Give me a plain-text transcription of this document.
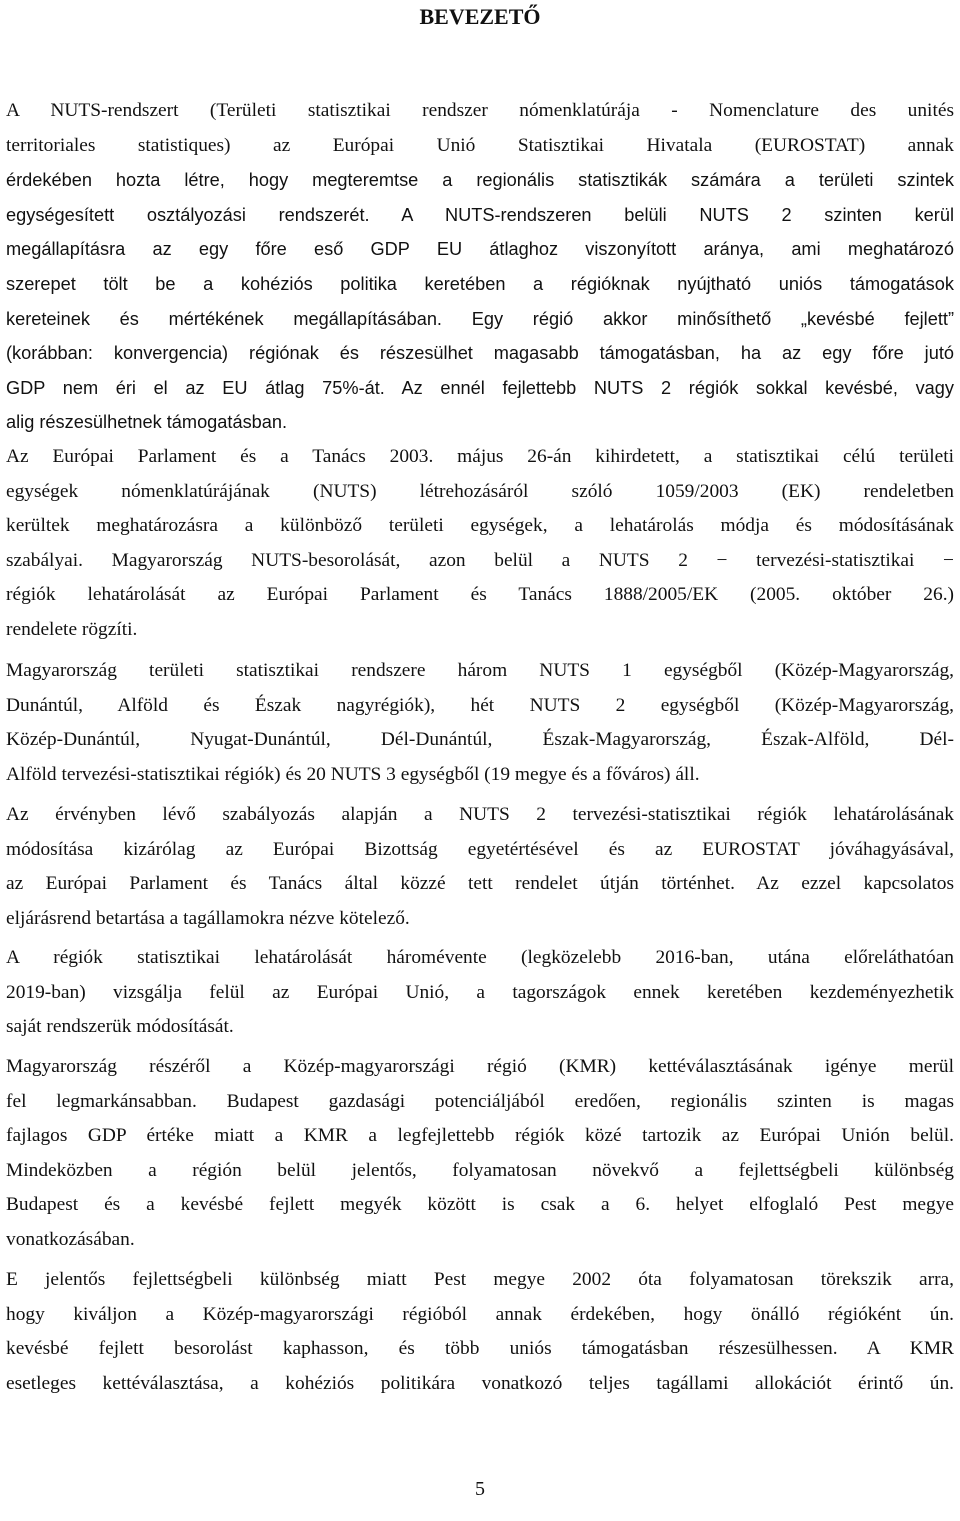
BEVEZETŐ

A NUTS-rendszert (Területi statisztikai rendszer nómenklatúrája - Nomenclature des unités
territoriales statistiques) az Európai Unió Statisztikai Hivatala (EUROSTAT) annak
érdekében hozta létre, hogy megteremtse a regionális statisztikák számára a területi szintek
egységesített osztályozási rendszerét. A NUTS-rendszeren belüli NUTS 2 szinten kerül
megállapításra az egy főre eső GDP EU átlaghoz viszonyított aránya, ami meghatározó
szerepet tölt be a kohéziós politika keretében a régióknak nyújtható uniós támogatások
kereteinek és mértékének megállapításában. Egy régió akkor minősíthető „kevésbé fejlett”
(korábban: konvergencia) régiónak és részesülhet magasabb támogatásban, ha az egy főre jutó
GDP nem éri el az EU átlag 75%-át. Az ennél fejlettebb NUTS 2 régiók sokkal kevésbé, vagy
alig részesülhetnek támogatásban.

Az Európai Parlament és a Tanács 2003. május 26-án kihirdetett, a statisztikai célú területi
egységek nómenklatúrájának (NUTS) létrehozásáról szóló 1059/2003 (EK) rendeletben
kerültek meghatározásra a különböző területi egységek, a lehatárolás módja és módosításának
szabályai. Magyarország NUTS-besorolását, azon belül a NUTS 2 − tervezési-statisztikai −
régiók lehatárolását az Európai Parlament és Tanács 1888/2005/EK (2005. október 26.)
rendelete rögzíti.

Magyarország területi statisztikai rendszere három NUTS 1 egységből (Közép-Magyarország,
Dunántúl, Alföld és Észak nagyrégiók), hét NUTS 2 egységből (Közép-Magyarország,
Közép-Dunántúl, Nyugat-Dunántúl, Dél-Dunántúl, Észak-Magyarország, Észak-Alföld, Dél-
Alföld tervezési-statisztikai régiók) és 20 NUTS 3 egységből (19 megye és a főváros) áll.

Az érvényben lévő szabályozás alapján a NUTS 2 tervezési-statisztikai régiók lehatárolásának
módosítása kizárólag az Európai Bizottság egyetértésével és az EUROSTAT jóváhagyásával,
az Európai Parlament és Tanács által közzé tett rendelet útján történhet. Az ezzel kapcsolatos
eljárásrend betartása a tagállamokra nézve kötelező.

A régiók statisztikai lehatárolását háromévente (legközelebb 2016-ban, utána előreláthatóan
2019-ban) vizsgálja felül az Európai Unió, a tagországok ennek keretében kezdeményezhetik
saját rendszerük módosítását.

Magyarország részéről a Közép-magyarországi régió (KMR) kettéválasztásának igénye merül
fel legmarkánsabban. Budapest gazdasági potenciáljából eredően, regionális szinten is magas
fajlagos GDP értéke miatt a KMR a legfejlettebb régiók közé tartozik az Európai Unión belül.
Mindeközben a régión belül jelentős, folyamatosan növekvő a fejlettségbeli különbség
Budapest és a kevésbé fejlett megyék között is csak a 6. helyet elfoglaló Pest megye
vonatkozásában.

E jelentős fejlettségbeli különbség miatt Pest megye 2002 óta folyamatosan törekszik arra,
hogy kiváljon a Közép-magyarországi régióból annak érdekében, hogy önálló régióként ún.
kevésbé fejlett besorolást kaphasson, és több uniós támogatásban részesülhessen. A KMR
esetleges kettéválasztása, a kohéziós politikára vonatkozó teljes tagállami allokációt érintő ún.

5
